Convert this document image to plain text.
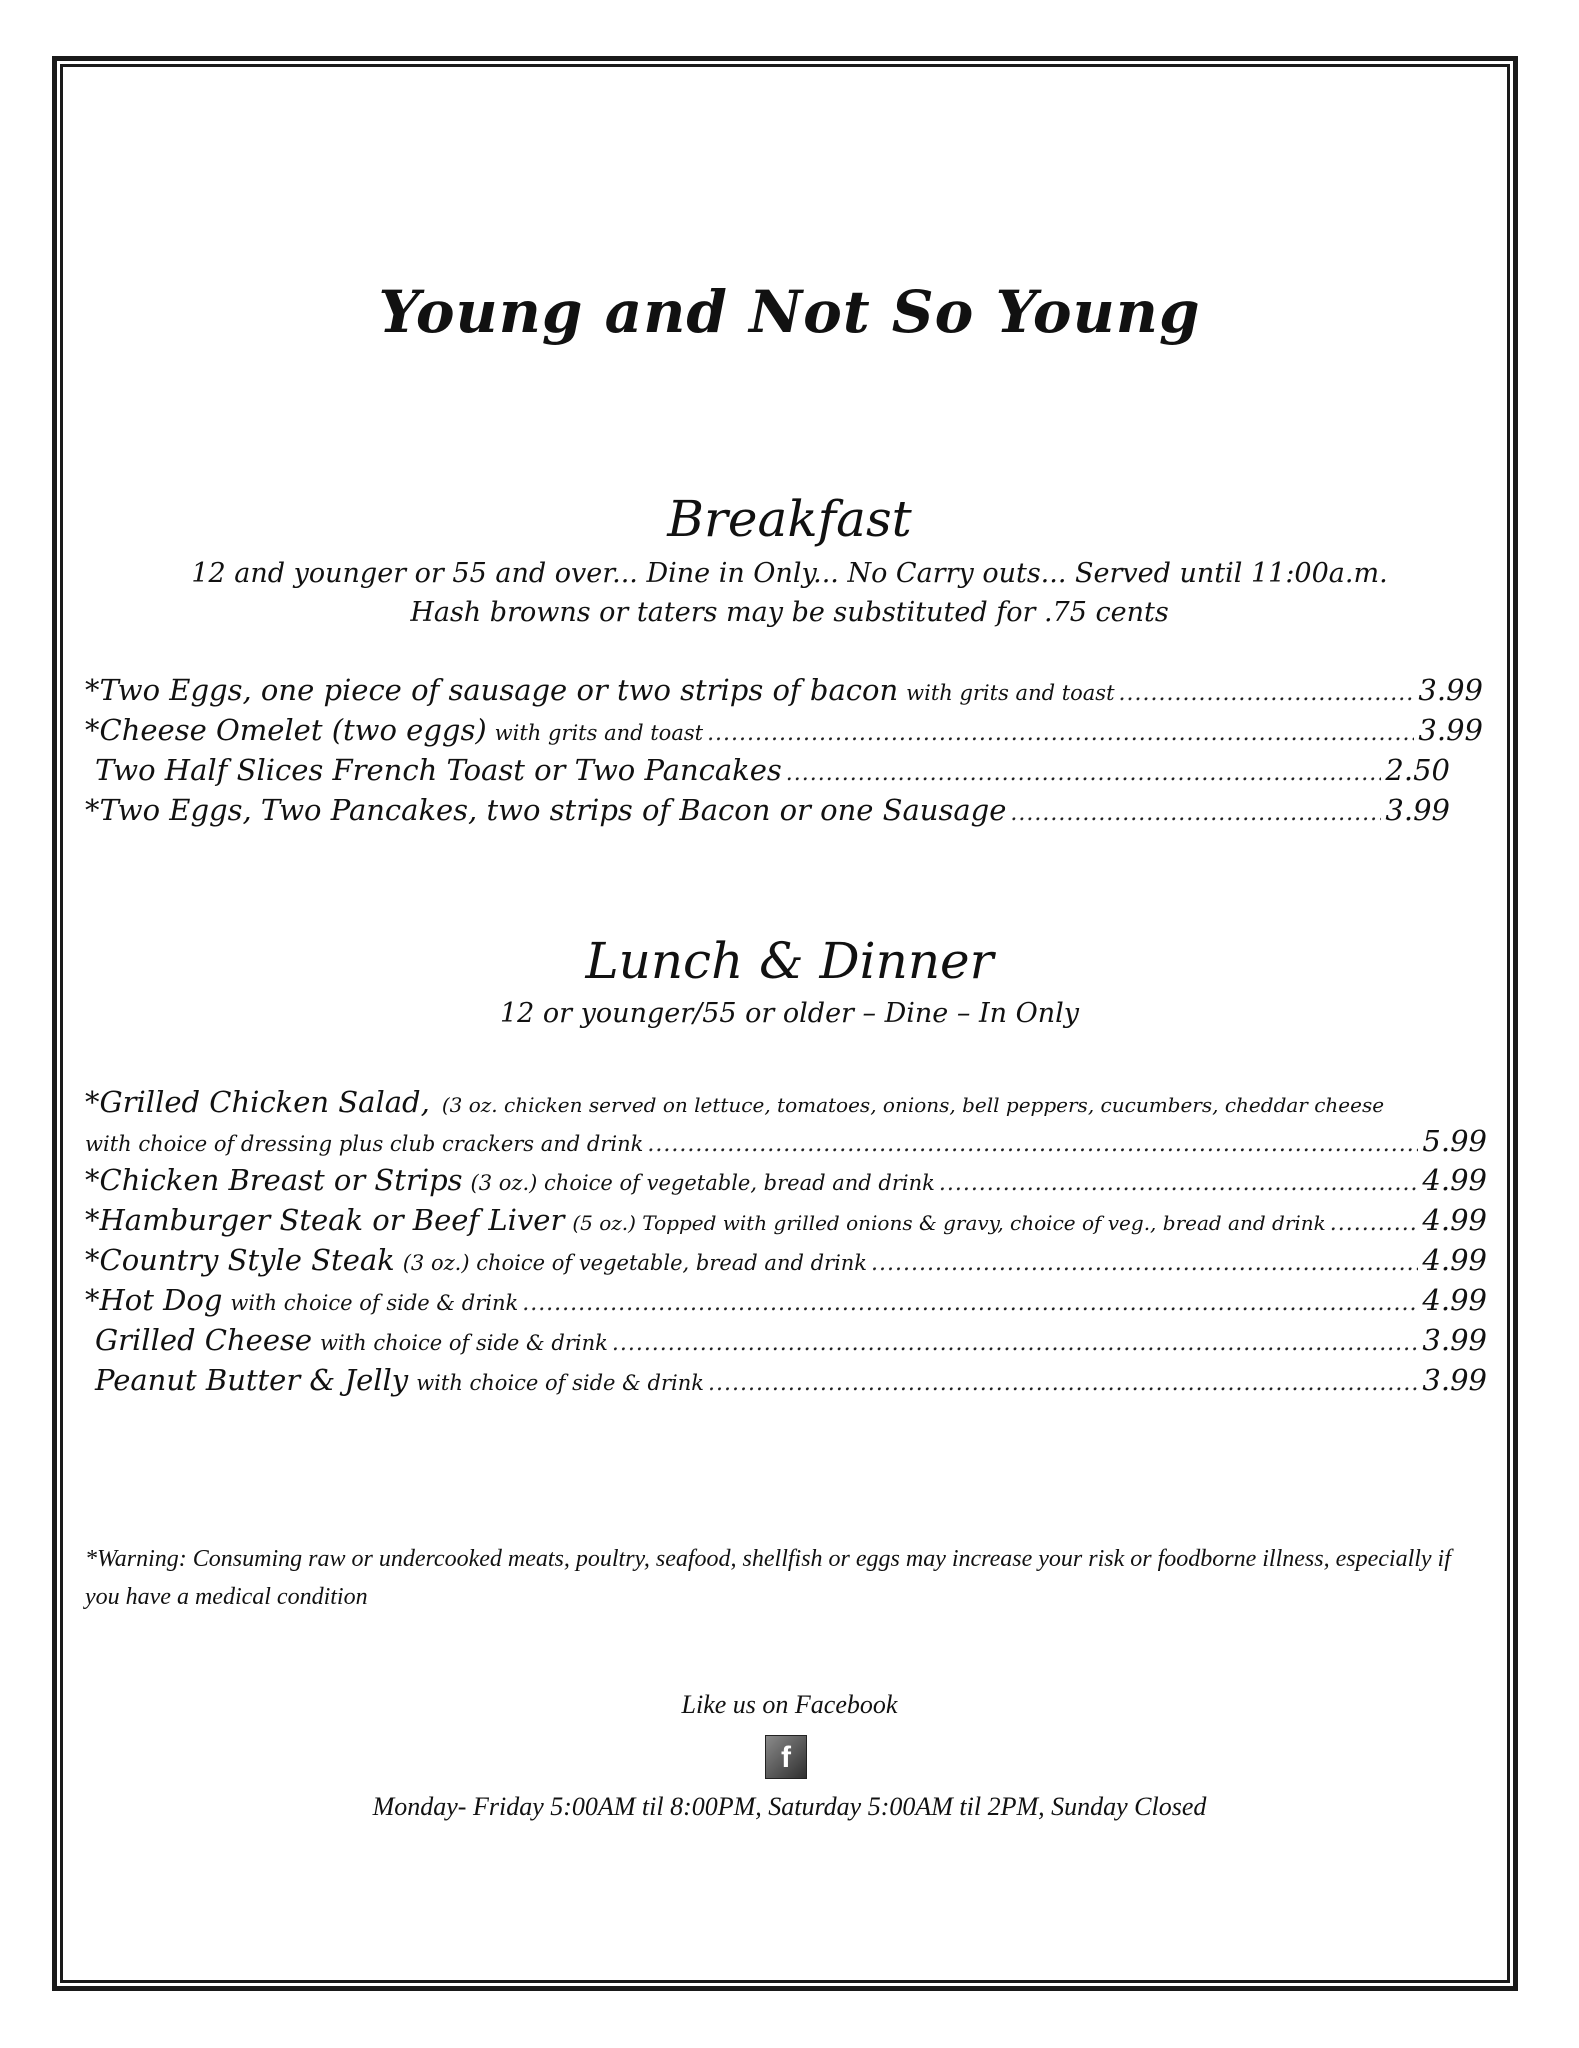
Young and Not So Young
Breakfast
12 and younger or 55 and over... Dine in Only... No Carry outs... Served until 11:00a.m.
Hash browns or taters may be substituted for .75 cents
*Two Eggs, one piece of sausage or two strips of bacon with grits and toast .....	3.99
*Cheese Omelet (two eggs) with grits and toast .....	3.99
Two Half Slices French Toast or Two Pancakes .....	2.50
*Two Eggs, Two Pancakes, two strips of Bacon or one Sausage .....	3.99
Lunch & Dinner
12 or younger/55 or older – Dine – In Only
*Grilled Chicken Salad, (3 oz. chicken served on lettuce, tomatoes, onions, bell peppers, cucumbers, cheddar cheese
with choice of dressing plus club crackers and drink .....	5.99
*Chicken Breast or Strips (3 oz.) choice of vegetable, bread and drink .....	4.99
*Hamburger Steak or Beef Liver (5 oz.) Topped with grilled onions & gravy, choice of veg., bread and drink .....	4.99
*Country Style Steak (3 oz.) choice of vegetable, bread and drink .....	4.99
*Hot Dog with choice of side & drink .....	4.99
Grilled Cheese with choice of side & drink .....	3.99
Peanut Butter & Jelly with choice of side & drink .....	3.99
*Warning: Consuming raw or undercooked meats, poultry, seafood, shellfish or eggs may increase your risk or foodborne illness, especially if you have a medical condition
Like us on Facebook
f
Monday- Friday 5:00AM til 8:00PM, Saturday 5:00AM til 2PM, Sunday Closed
